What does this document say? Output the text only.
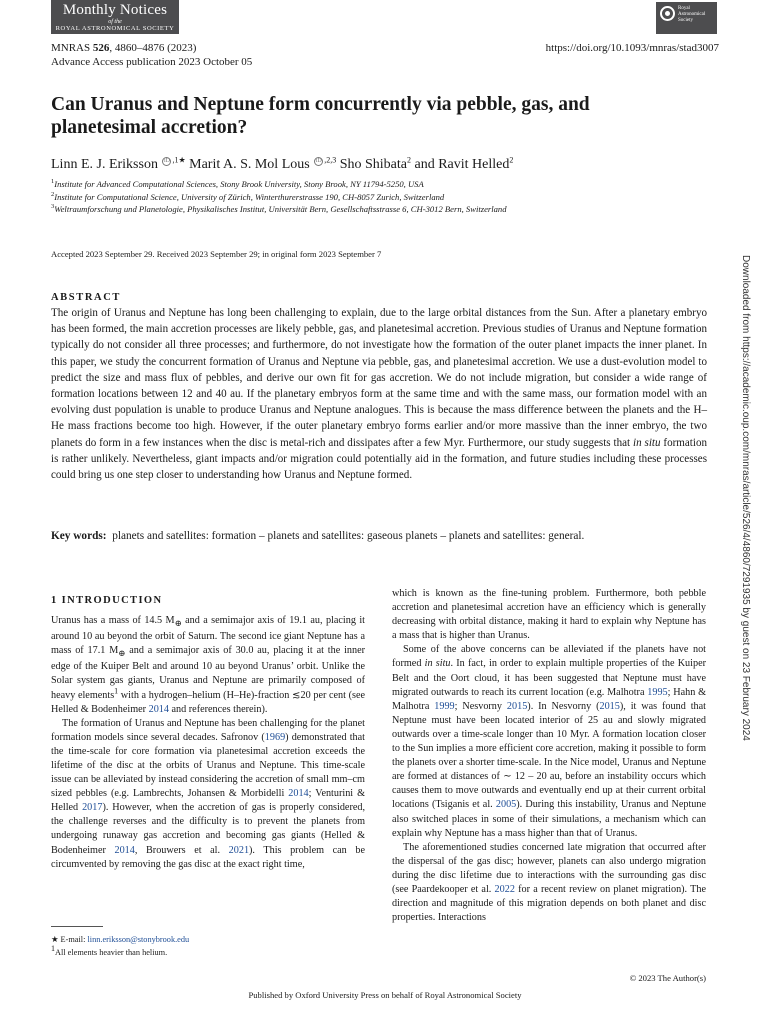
Monthly Notices
of the
ROYAL ASTRONOMICAL SOCIETY
Royal
Astronomical
Society
MNRAS 526, 4860–4876 (2023)
Advance Access publication 2023 October 05
https://doi.org/10.1093/mnras/stad3007
Can Uranus and Neptune form concurrently via pebble, gas, and planetesimal accretion?
Linn E. J. Eriksson iD $^{,1★}$ Marit A. S. Mol Lous iD $^{,2,3}$ Sho Shibata$^2$ and Ravit Helled$^2$
$^1$Institute for Advanced Computational Sciences, Stony Brook University, Stony Brook, NY 11794-5250, USA
$^2$Institute for Computational Science, University of Zürich, Winterthurerstrasse 190, CH-8057 Zurich, Switzerland
$^3$Weltraumforschung und Planetologie, Physikalisches Institut, Universität Bern, Gesellschaftsstrasse 6, CH-3012 Bern, Switzerland
Accepted 2023 September 29. Received 2023 September 29; in original form 2023 September 7
ABSTRACT
The origin of Uranus and Neptune has long been challenging to explain, due to the large orbital distances from the Sun. After a planetary embryo has been formed, the main accretion processes are likely pebble, gas, and planetesimal accretion. Previous studies of Uranus and Neptune formation typically do not consider all three processes; and furthermore, do not investigate how the formation of the outer planet impacts the inner planet. In this paper, we study the concurrent formation of Uranus and Neptune via pebble, gas, and planetesimal accretion. We use a dust-evolution model to predict the size and mass flux of pebbles, and derive our own fit for gas accretion. We do not include migration, but consider a wide range of formation locations between 12 and 40 au. If the planetary embryos form at the same time and with the same mass, our formation model with an evolving dust population is unable to produce Uranus and Neptune analogues. This is because the mass difference between the planets and the H–He mass fractions become too high. However, if the outer planetary embryo forms earlier and/or more massive than the inner embryo, the two planets do form in a few instances when the disc is metal-rich and dissipates after a few Myr. Furthermore, our study suggests that in situ formation is rather unlikely. Nevertheless, giant impacts and/or migration could potentially aid in the formation, and future studies including these processes could bring us one step closer to understanding how Uranus and Neptune formed.
Key words: planets and satellites: formation – planets and satellites: gaseous planets – planets and satellites: general.
1 INTRODUCTION

Uranus has a mass of 14.5 $M_\oplus$ and a semimajor axis of 19.1 au, placing it around 10 au beyond the orbit of Saturn. The second ice giant Neptune has a mass of 17.1 $M_\oplus$ and a semimajor axis of 30.0 au, placing it at the inner edge of the Kuiper Belt and around 10 au beyond Uranus’ orbit. Unlike the Solar system gas giants, Uranus and Neptune are primarily composed of heavy elements$^1$ with a hydrogen–helium (H–He)-fraction ≲20 per cent (see Helled & Bodenheimer 2014 and references therein).

The formation of Uranus and Neptune has been challenging for the planet formation models since several decades. Safronov (1969) demonstrated that the time-scale for core formation via planetesimal accretion exceeds the lifetime of the disc at the orbits of Uranus and Neptune. This time-scale issue can be alleviated by instead considering the accretion of small mm–cm sized pebbles (e.g. Lambrechts, Johansen & Morbidelli 2014; Venturini & Helled 2017). However, when the accretion of gas is properly considered, the challenge reverses and the difficulty is to prevent the planets from undergoing runaway gas accretion and becoming gas giants (Helled & Bodenheimer 2014, Brouwers et al. 2021). This problem can be circumvented by removing the gas disc at the exact right time,

which is known as the fine-tuning problem. Furthermore, both pebble accretion and planetesimal accretion have an efficiency which is generally decreasing with orbital distance, making it hard to explain why Neptune has a mass that is higher than Uranus.

Some of the above concerns can be alleviated if the planets have not formed in situ. In fact, in order to explain multiple properties of the Kuiper Belt and the Oort cloud, it has been suggested that Neptune must have migrated outwards to reach its current location (e.g. Malhotra 1995; Hahn & Malhotra 1999; Nesvorny 2015). In Nesvorny (2015), it was found that Neptune must have been located interior of 25 au and slowly migrated outwards over a time-scale longer than 10 Myr. A formation location closer to the Sun implies a more efficient core accretion, making it possible to form the planets over a shorter time-scale. In the Nice model, Uranus and Neptune are formed at distances of ∼ 12 – 20 au, before an instability occurs which causes them to move outwards and eventually end up at their current orbital locations (Tsiganis et al. 2005). During this instability, Uranus and Neptune also switched places in some of their simulations, a mechanism which can explain why Neptune has a mass higher than that of Uranus.

The aforementioned studies concerned late migration that occurred after the dispersal of the gas disc; however, planets can also undergo migration during the disc lifetime due to interactions with the surrounding gas disc (see Paardekooper et al. 2022 for a recent review on planet migration). The direction and magnitude of this migration depends on both planet and disc properties. Interactions

★ E-mail: linn.eriksson@stonybrook.edu
$^1$All elements heavier than helium.
© 2023 The Author(s)
Published by Oxford University Press on behalf of Royal Astronomical Society
Downloaded from https://academic.oup.com/mnras/article/526/4/4860/7291935 by guest on 23 February 2024
